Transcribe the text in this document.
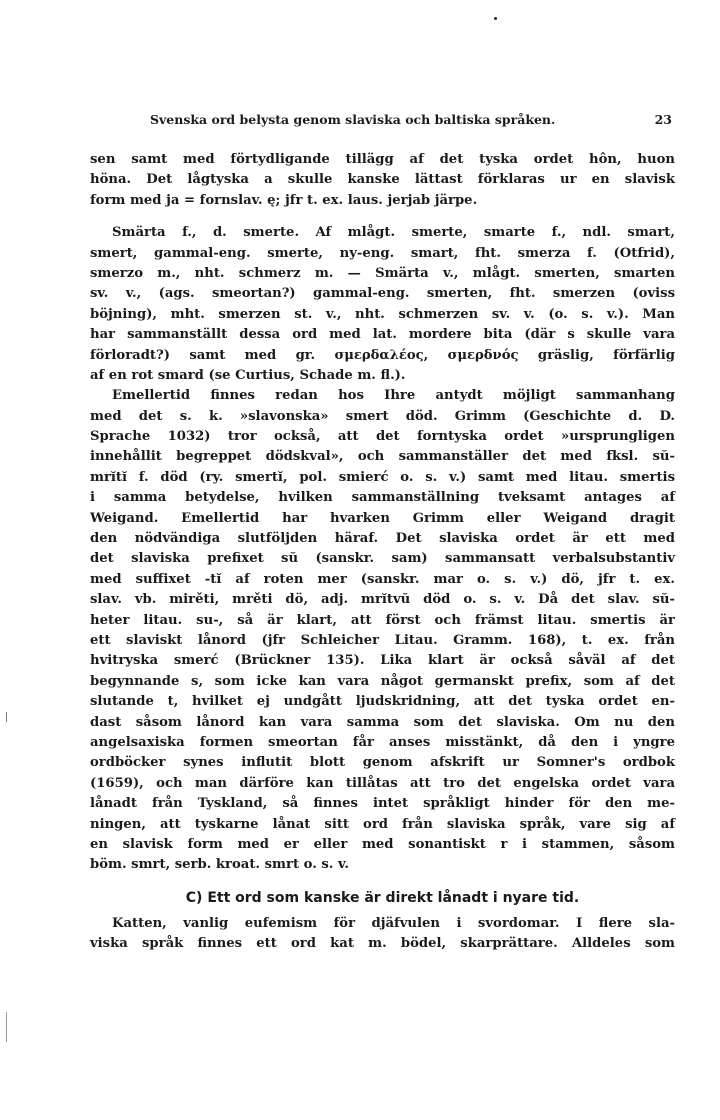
Svenska ord belysta genom slaviska och baltiska språken.	23
sen samt med förtydligande tillägg af det tyska ordet hôn, huon
höna. Det lågtyska a skulle kanske lättast förklaras ur en slavisk
form med ja = fornslav. ę; jfr t. ex. laus. jerjab järpe.
Smärta f., d. smerte. Af mlågt. smerte, smarte f., ndl. smart,
smert, gammal-eng. smerte, ny-eng. smart, fht. smerza f. (Otfrid),
smerzo m., nht. schmerz m. — Smärta v., mlågt. smerten, smarten
sv. v., (ags. smeortan?) gammal-eng. smerten, fht. smerzen (oviss
böjning), mht. smerzen st. v., nht. schmerzen sv. v. (o. s. v.). Man
har sammanställt dessa ord med lat. mordere bita (där s skulle vara
förloradt?) samt med gr. σμερδαλέος, σμερδνός gräslig, förfärlig
af en rot smard (se Curtius, Schade m. fl.).
Emellertid finnes redan hos Ihre antydt möjligt sammanhang
med det s. k. »slavonska» smert död. Grimm (Geschichte d. D.
Sprache 1032) tror också, att det forntyska ordet »ursprungligen
innehållit begreppet dödskval», och sammanställer det med fksl. sŭ-
mrĭtĭ f. död (ry. smertĭ, pol. smierć o. s. v.) samt med litau. smertis
i samma betydelse, hvilken sammanställning tveksamt antages af
Weigand. Emellertid har hvarken Grimm eller Weigand dragit
den nödvändiga slutföljden häraf. Det slaviska ordet är ett med
det slaviska prefixet sŭ (sanskr. sam) sammansatt verbalsubstantiv
med suffixet -tĭ af roten mer (sanskr. mar o. s. v.) dö, jfr t. ex.
slav. vb. mirěti, mrěti dö, adj. mrĭtvŭ död o. s. v. Då det slav. sŭ-
heter litau. su-, så är klart, att först och främst litau. smertis är
ett slaviskt lånord (jfr Schleicher Litau. Gramm. 168), t. ex. från
hvitryska smerć (Brückner 135). Lika klart är också såväl af det
begynnande s, som icke kan vara något germanskt prefix, som af det
slutande t, hvilket ej undgått ljudskridning, att det tyska ordet en-
dast såsom lånord kan vara samma som det slaviska. Om nu den
angelsaxiska formen smeortan får anses misstänkt, då den i yngre
ordböcker synes influtit blott genom afskrift ur Somner's ordbok
(1659), och man därföre kan tillåtas att tro det engelska ordet vara
lånadt från Tyskland, så finnes intet språkligt hinder för den me-
ningen, att tyskarne lånat sitt ord från slaviska språk, vare sig af
en slavisk form med er eller med sonantiskt r i stammen, såsom
böm. smrt, serb. kroat. smrt o. s. v.
C) Ett ord som kanske är direkt lånadt i nyare tid.
Katten, vanlig eufemism för djäfvulen i svordomar. I flere sla-
viska språk finnes ett ord kat m. bödel, skarprättare. Alldeles som
